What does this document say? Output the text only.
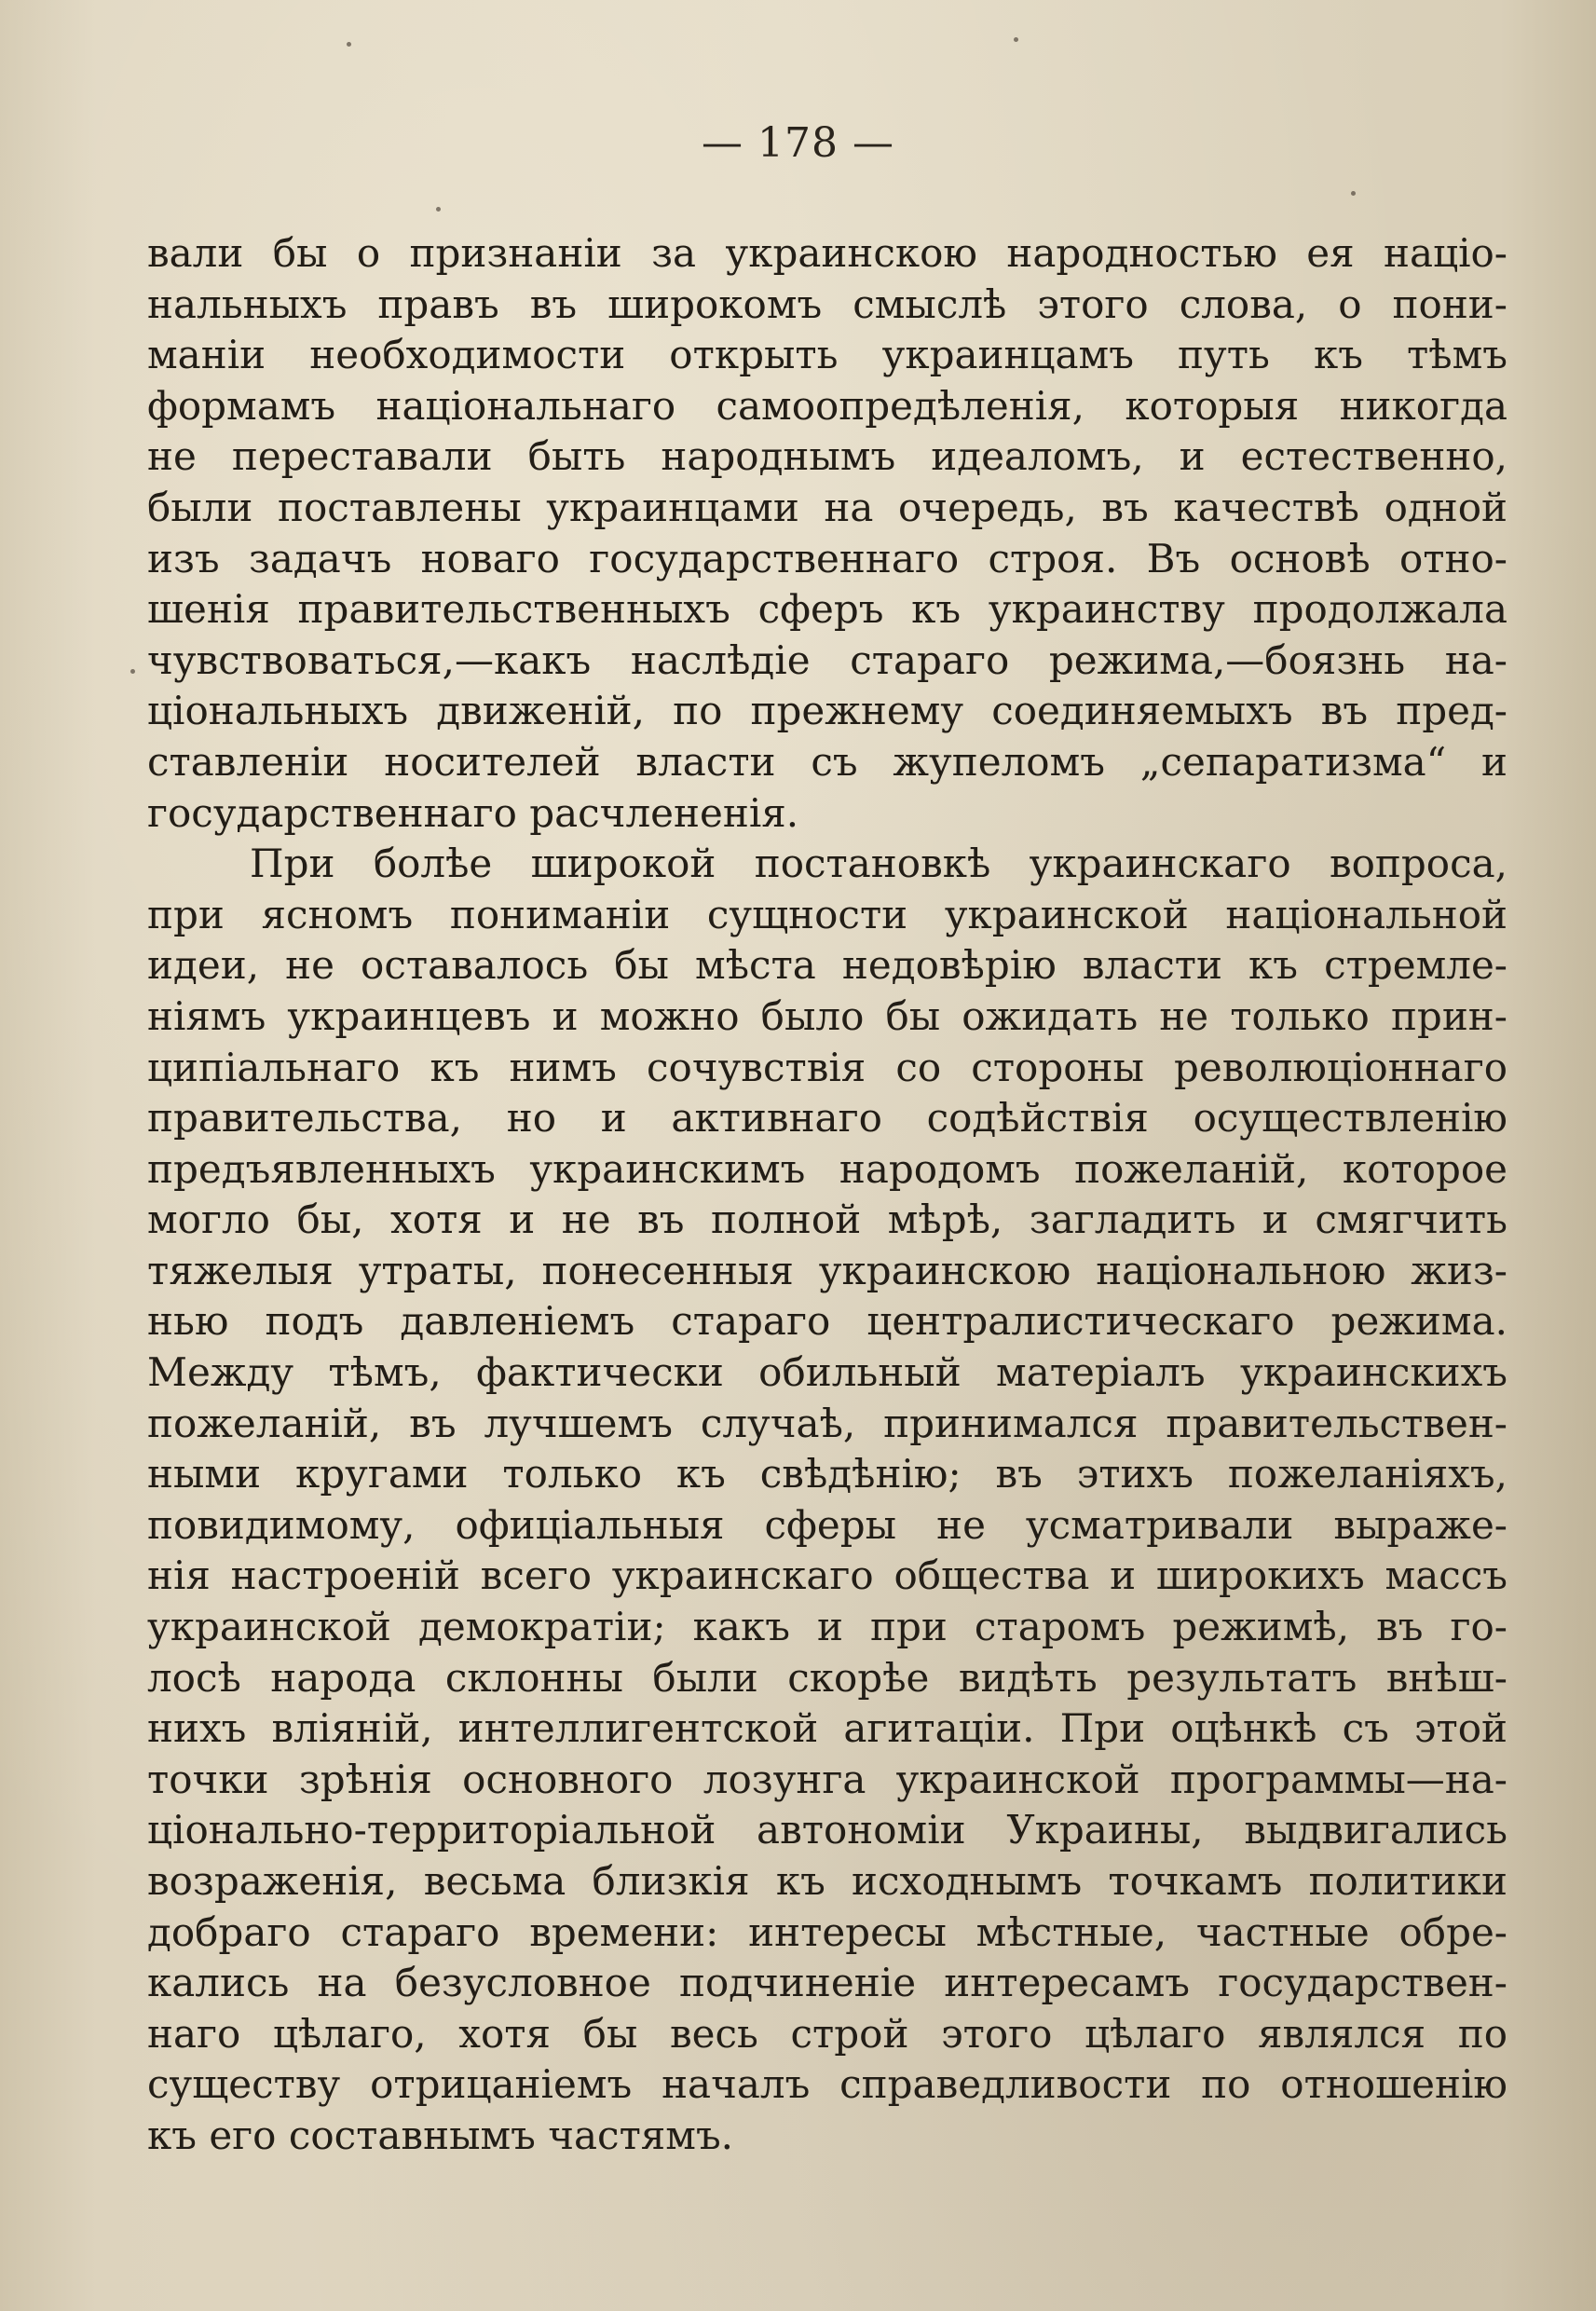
— 178 —
вали бы о признаніи за украинскою народностью ея націо-
нальныхъ правъ въ широкомъ смыслѣ этого слова, о пони-
маніи необходимости открыть украинцамъ путь къ тѣмъ
формамъ національнаго самоопредѣленія, которыя никогда
не переставали быть народнымъ идеаломъ, и естественно,
были поставлены украинцами на очередь, въ качествѣ одной
изъ задачъ новаго государственнаго строя. Въ основѣ отно-
шенія правительственныхъ сферъ къ украинству продолжала
чувствоваться,—какъ наслѣдіе стараго режима,—боязнь на-
ціональныхъ движеній, по прежнему соединяемыхъ въ пред-
ставленіи носителей власти съ жупеломъ „сепаратизма“ и
государственнаго расчлененія.
При болѣе широкой постановкѣ украинскаго вопроса,
при ясномъ пониманіи сущности украинской національной
идеи, не оставалось бы мѣста недовѣрію власти къ стремле-
ніямъ украинцевъ и можно было бы ожидать не только прин-
ципіальнаго къ нимъ сочувствія со стороны революціоннаго
правительства, но и активнаго содѣйствія осуществленію
предъявленныхъ украинскимъ народомъ пожеланій, которое
могло бы, хотя и не въ полной мѣрѣ, загладить и смягчить
тяжелыя утраты, понесенныя украинскою національною жиз-
нью подъ давленіемъ стараго централистическаго режима.
Между тѣмъ, фактически обильный матеріалъ украинскихъ
пожеланій, въ лучшемъ случаѣ, принимался правительствен-
ными кругами только къ свѣдѣнію; въ этихъ пожеланіяхъ,
повидимому, офиціальныя сферы не усматривали выраже-
нія настроеній всего украинскаго общества и широкихъ массъ
украинской демократіи; какъ и при старомъ режимѣ, въ го-
лосѣ народа склонны были скорѣе видѣть результатъ внѣш-
нихъ вліяній, интеллигентской агитаціи. При оцѣнкѣ съ этой
точки зрѣнія основного лозунга украинской программы—на-
ціонально-территоріальной автономіи Украины, выдвигались
возраженія, весьма близкія къ исходнымъ точкамъ политики
добраго стараго времени: интересы мѣстные, частные обре-
кались на безусловное подчиненіе интересамъ государствен-
наго цѣлаго, хотя бы весь строй этого цѣлаго являлся по
существу отрицаніемъ началъ справедливости по отношенію
къ его составнымъ частямъ.
